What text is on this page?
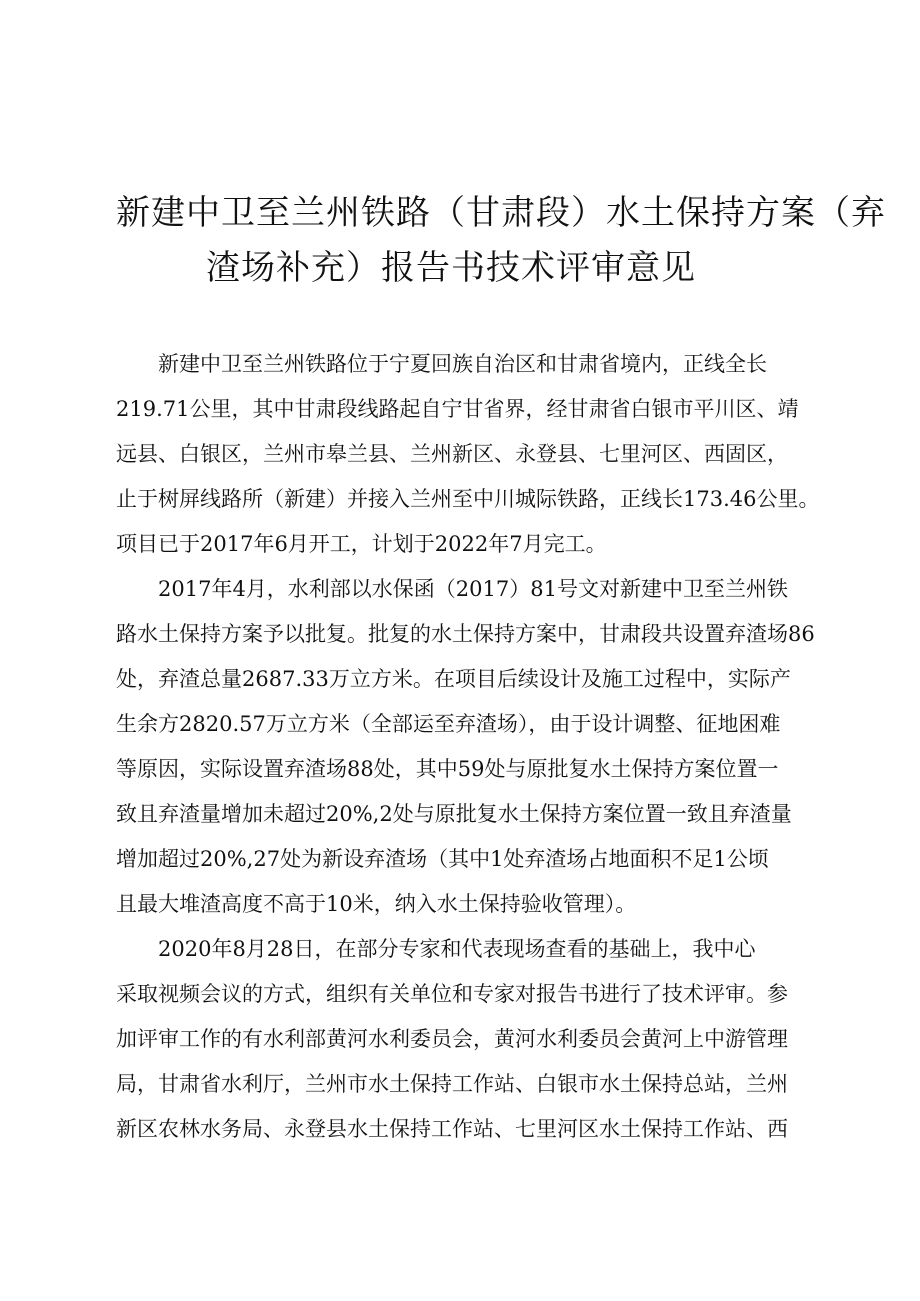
新建中卫至兰州铁路（甘肃段）水土保持方案（弃
渣场补充）报告书技术评审意见

新建中卫至兰州铁路位于宁夏回族自治区和甘肃省境内，正线全长
219.71公里，其中甘肃段线路起自宁甘省界，经甘肃省白银市平川区、靖
远县、白银区，兰州市皋兰县、兰州新区、永登县、七里河区、西固区，
止于树屏线路所（新建）并接入兰州至中川城际铁路，正线长173.46公里。
项目已于2017年6月开工，计划于2022年7月完工。

2017年4月，水利部以水保函（2017）81号文对新建中卫至兰州铁
路水土保持方案予以批复。批复的水土保持方案中，甘肃段共设置弃渣场86
处，弃渣总量2687.33万立方米。在项目后续设计及施工过程中，实际产
生余方2820.57万立方米（全部运至弃渣场），由于设计调整、征地困难
等原因，实际设置弃渣场88处，其中59处与原批复水土保持方案位置一
致且弃渣量增加未超过20%,2处与原批复水土保持方案位置一致且弃渣量
增加超过20%,27处为新设弃渣场（其中1处弃渣场占地面积不足1公顷
且最大堆渣高度不高于10米，纳入水土保持验收管理）。

2020年8月28日，在部分专家和代表现场查看的基础上，我中心
采取视频会议的方式，组织有关单位和专家对报告书进行了技术评审。参
加评审工作的有水利部黄河水利委员会，黄河水利委员会黄河上中游管理
局，甘肃省水利厅，兰州市水土保持工作站、白银市水土保持总站，兰州
新区农林水务局、永登县水土保持工作站、七里河区水土保持工作站、西
